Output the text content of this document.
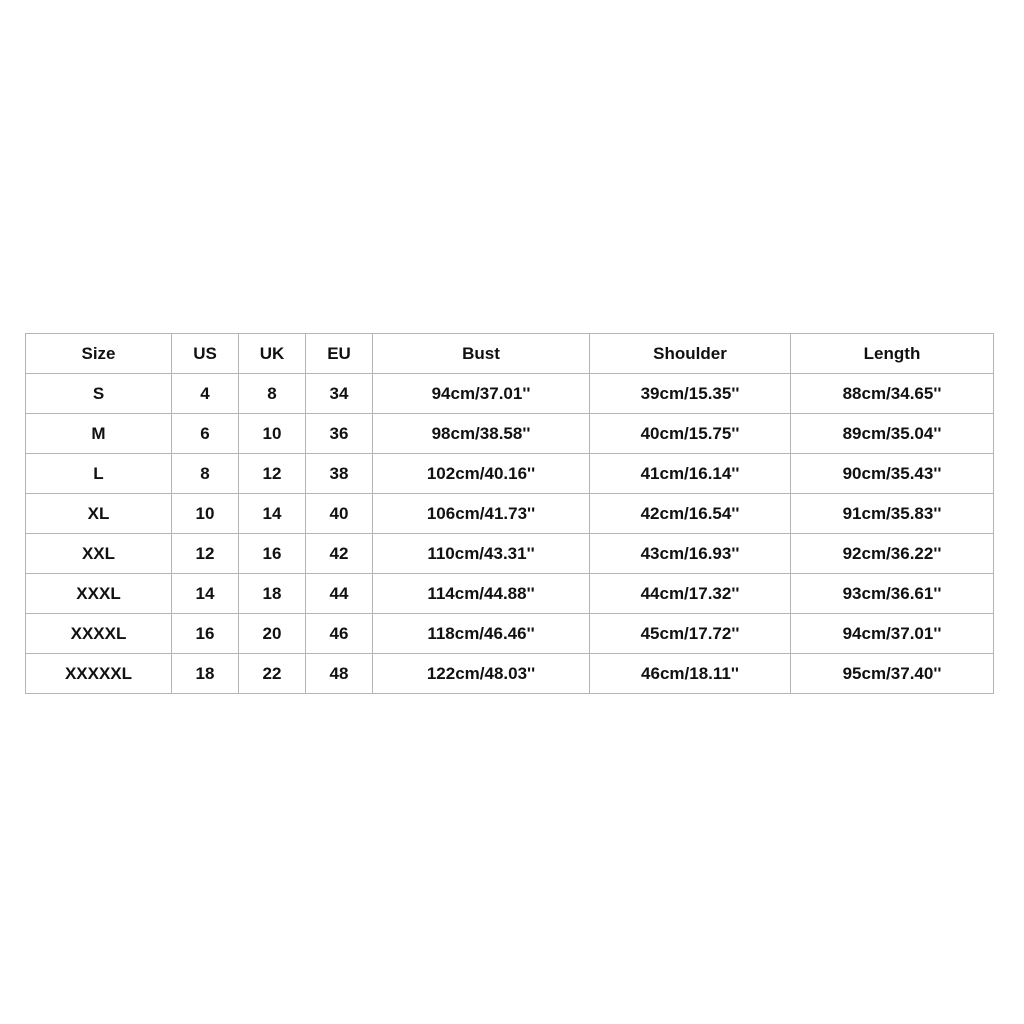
Size	US	UK	EU	Bust	Shoulder	Length
S	4	8	34	94cm/37.01''	39cm/15.35''	88cm/34.65''
M	6	10	36	98cm/38.58''	40cm/15.75''	89cm/35.04''
L	8	12	38	102cm/40.16''	41cm/16.14''	90cm/35.43''
XL	10	14	40	106cm/41.73''	42cm/16.54''	91cm/35.83''
XXL	12	16	42	110cm/43.31''	43cm/16.93''	92cm/36.22''
XXXL	14	18	44	114cm/44.88''	44cm/17.32''	93cm/36.61''
XXXXL	16	20	46	118cm/46.46''	45cm/17.72''	94cm/37.01''
XXXXXL	18	22	48	122cm/48.03''	46cm/18.11''	95cm/37.40''
